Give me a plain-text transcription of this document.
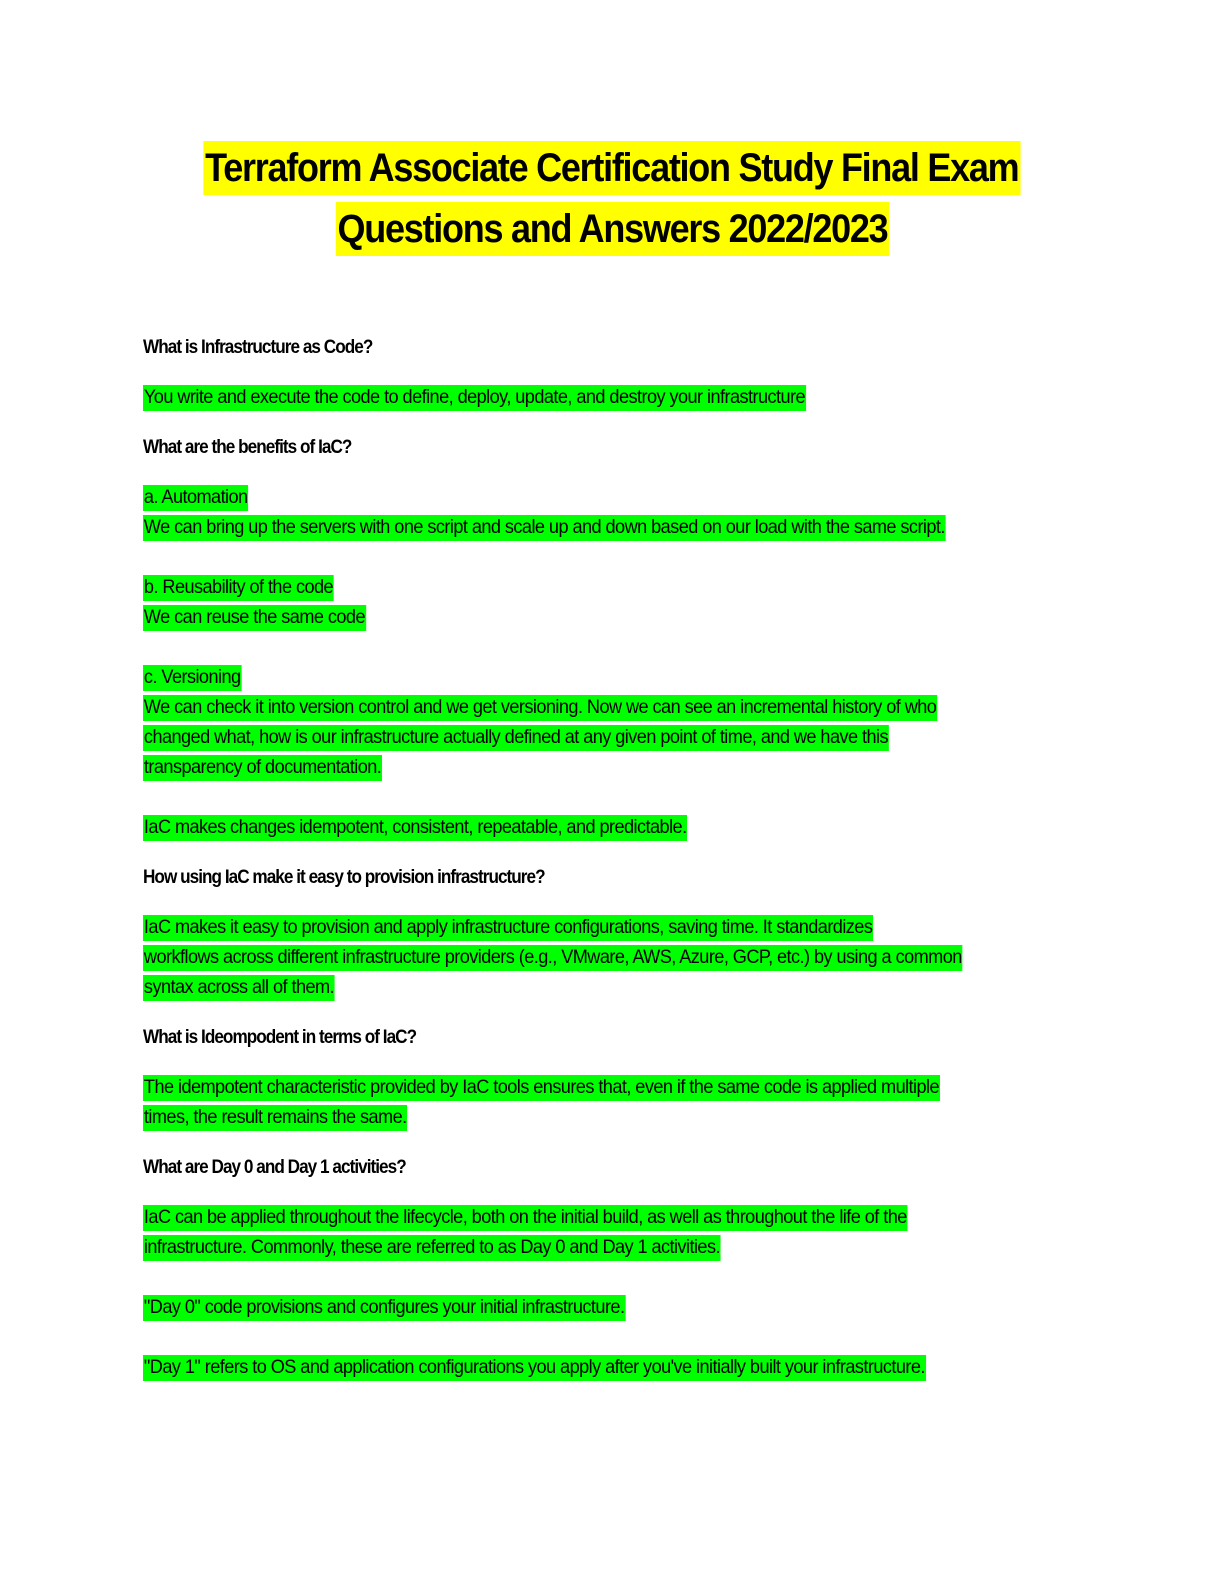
Terraform Associate Certification Study Final Exam
Questions and Answers 2022/2023
What is Infrastructure as Code?
You write and execute the code to define, deploy, update, and destroy your infrastructure
What are the benefits of IaC?
a. Automation
We can bring up the servers with one script and scale up and down based on our load with the same script.
b. Reusability of the code
We can reuse the same code
c. Versioning
We can check it into version control and we get versioning. Now we can see an incremental history of who
changed what, how is our infrastructure actually defined at any given point of time, and we have this
transparency of documentation.
IaC makes changes idempotent, consistent, repeatable, and predictable.
How using IaC make it easy to provision infrastructure?
IaC makes it easy to provision and apply infrastructure configurations, saving time. It standardizes
workflows across different infrastructure providers (e.g., VMware, AWS, Azure, GCP, etc.) by using a common
syntax across all of them.
What is Ideompodent in terms of IaC?
The idempotent characteristic provided by IaC tools ensures that, even if the same code is applied multiple
times, the result remains the same.
What are Day 0 and Day 1 activities?
IaC can be applied throughout the lifecycle, both on the initial build, as well as throughout the life of the
infrastructure. Commonly, these are referred to as Day 0 and Day 1 activities.
"Day 0" code provisions and configures your initial infrastructure.
"Day 1" refers to OS and application configurations you apply after you've initially built your infrastructure.
